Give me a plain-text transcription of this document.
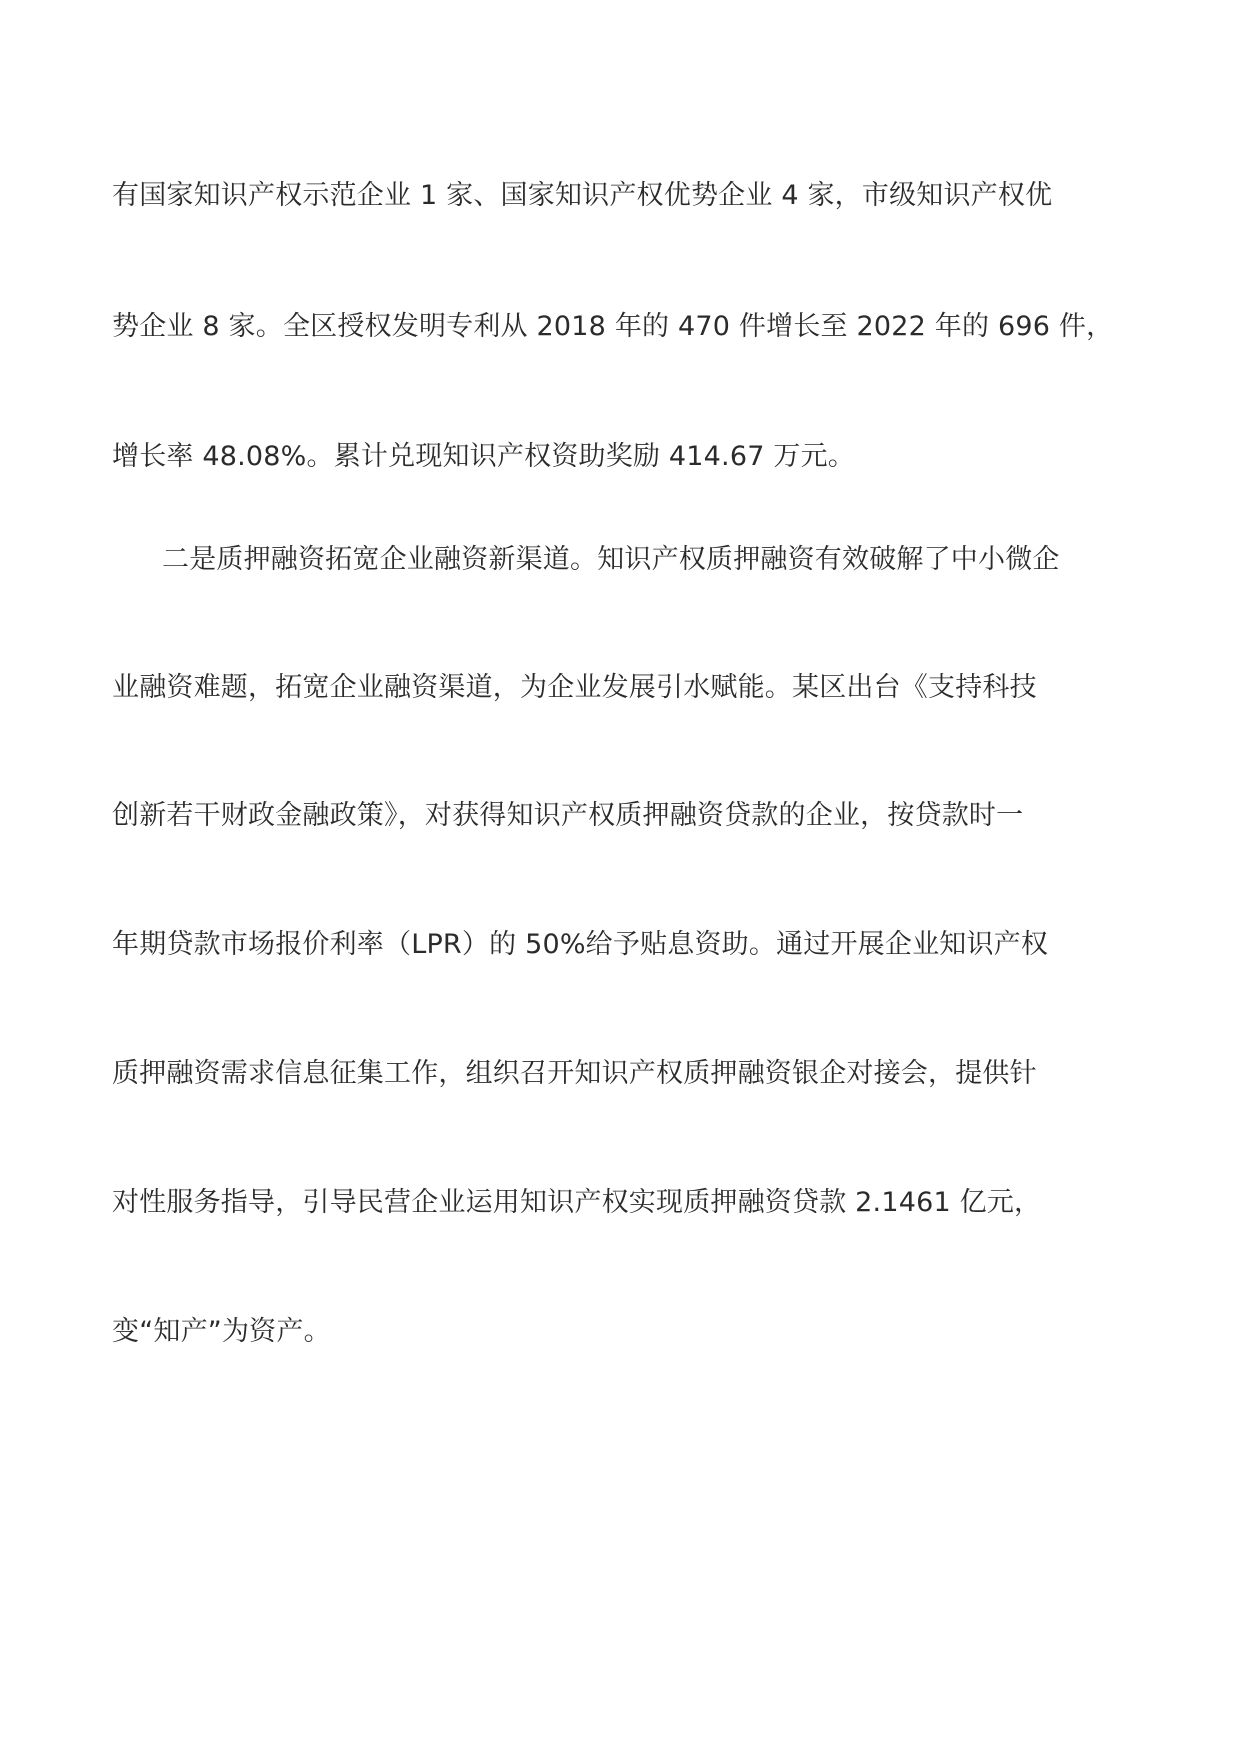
有国家知识产权示范企业 1 家、国家知识产权优势企业 4 家，市级知识产权优
势企业 8 家。全区授权发明专利从 2018 年的 470 件增长至 2022 年的 696 件，
增长率 48.08%。累计兑现知识产权资助奖励 414.67 万元。
二是质押融资拓宽企业融资新渠道。知识产权质押融资有效破解了中小微企
业融资难题，拓宽企业融资渠道，为企业发展引水赋能。某区出台《支持科技
创新若干财政金融政策》，对获得知识产权质押融资贷款的企业，按贷款时一
年期贷款市场报价利率（LPR）的 50%给予贴息资助。通过开展企业知识产权
质押融资需求信息征集工作，组织召开知识产权质押融资银企对接会，提供针
对性服务指导，引导民营企业运用知识产权实现质押融资贷款 2.1461 亿元，
变“知产”为资产。
